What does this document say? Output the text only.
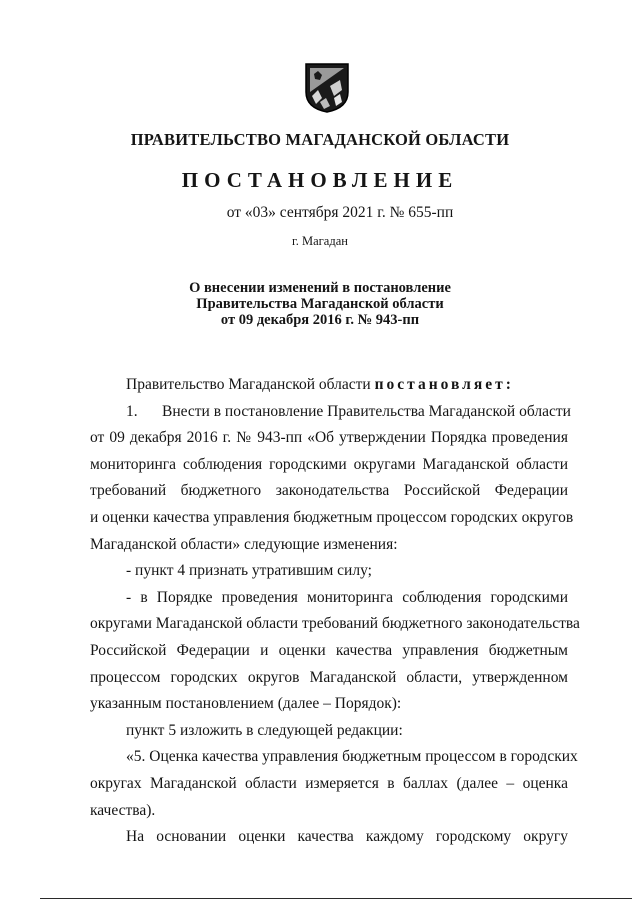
ПРАВИТЕЛЬСТВО МАГАДАНСКОЙ ОБЛАСТИ
ПОСТАНОВЛЕНИЕ
от «03» сентября 2021 г. № 655-пп
г. Магадан
О внесении изменений в постановление
Правительства Магаданской области
от 09 декабря 2016 г. № 943-пп

Правительство Магаданской области постановляет:

1. Внести в постановление Правительства Магаданской области

от 09 декабря 2016 г. № 943-пп «Об утверждении Порядка проведения

мониторинга соблюдения городскими округами Магаданской области

требований бюджетного законодательства Российской Федерации

и оценки качества управления бюджетным процессом городских округов

Магаданской области» следующие изменения:

- пункт 4 признать утратившим силу;

- в Порядке проведения мониторинга соблюдения городскими

округами Магаданской области требований бюджетного законодательства

Российской Федерации и оценки качества управления бюджетным

процессом городских округов Магаданской области, утвержденном

указанным постановлением (далее – Порядок):

пункт 5 изложить в следующей редакции:

«5. Оценка качества управления бюджетным процессом в городских

округах Магаданской области измеряется в баллах (далее – оценка

качества).

На основании оценки качества каждому городскому округу
